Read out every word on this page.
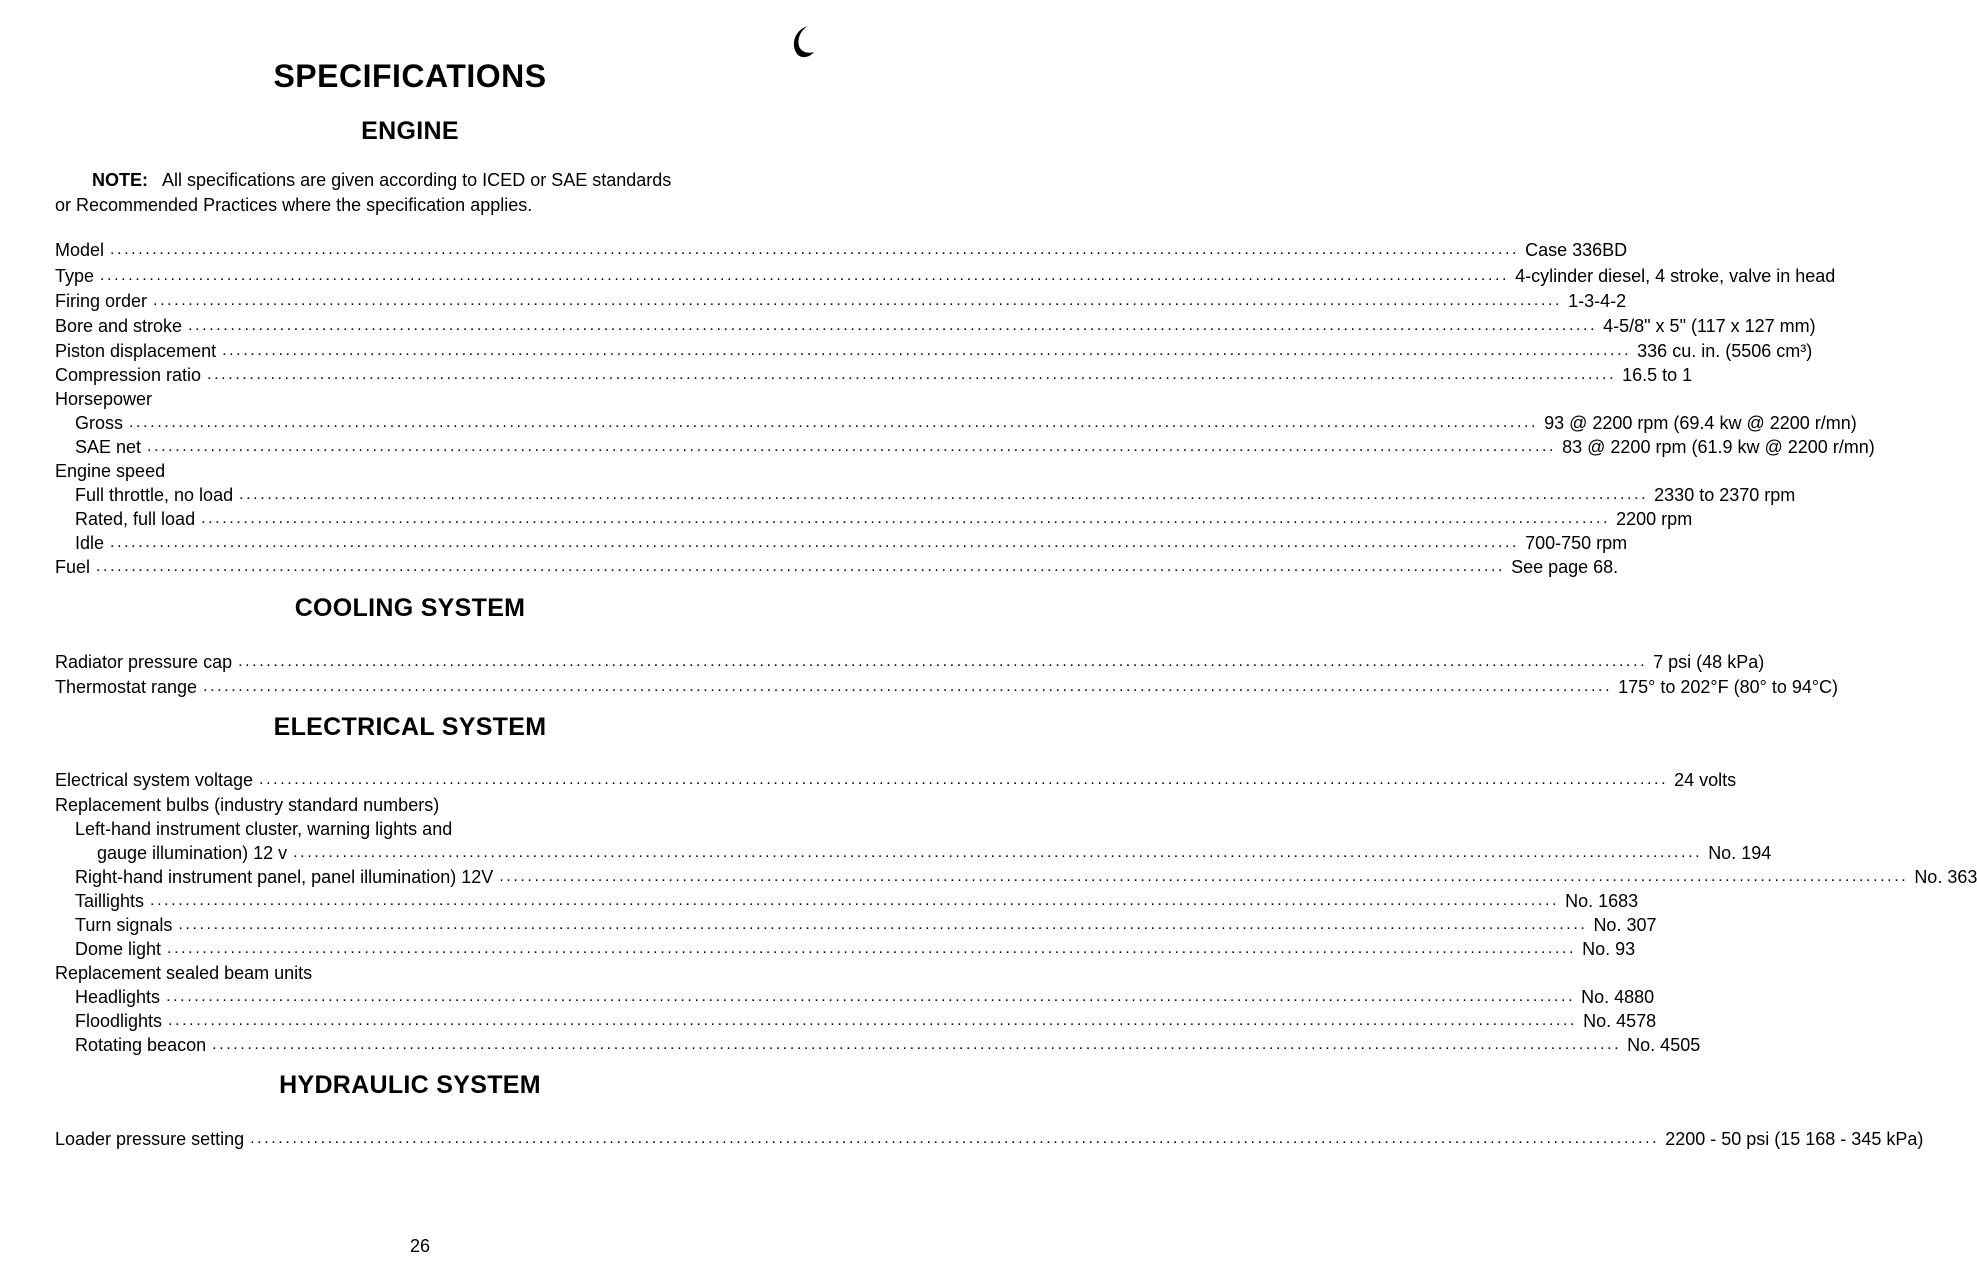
SPECIFICATIONS
ENGINE
NOTE: All specifications are given according to ICED or SAE standards
or Recommended Practices where the specification applies.
Model ........................................................................................................................................................................................................ Case 336BD
Type ........................................................................................................................................................................................................ 4-cylinder diesel, 4 stroke, valve in head
Firing order ........................................................................................................................................................................................................ 1-3-4-2
Bore and stroke ........................................................................................................................................................................................................ 4-5/8" x 5" (117 x 127 mm)
Piston displacement ........................................................................................................................................................................................................ 336 cu. in. (5506 cm³)
Compression ratio ........................................................................................................................................................................................................ 16.5 to 1
Horsepower
Gross ........................................................................................................................................................................................................ 93 @ 2200 rpm (69.4 kw @ 2200 r/mn)
SAE net ........................................................................................................................................................................................................ 83 @ 2200 rpm (61.9 kw @ 2200 r/mn)
Engine speed
Full throttle, no load ........................................................................................................................................................................................................ 2330 to 2370 rpm
Rated, full load ........................................................................................................................................................................................................ 2200 rpm
Idle ........................................................................................................................................................................................................ 700-750 rpm
Fuel ........................................................................................................................................................................................................ See page 68.
COOLING SYSTEM
Radiator pressure cap ........................................................................................................................................................................................................ 7 psi (48 kPa)
Thermostat range ........................................................................................................................................................................................................ 175° to 202°F (80° to 94°C)
ELECTRICAL SYSTEM
Electrical system voltage ........................................................................................................................................................................................................ 24 volts
Replacement bulbs (industry standard numbers)
Left-hand instrument cluster, warning lights and
gauge illumination) 12 v ........................................................................................................................................................................................................ No. 194
Right-hand instrument panel, panel illumination) 12V ........................................................................................................................................................................................................ No. 363
Taillights ........................................................................................................................................................................................................ No. 1683
Turn signals ........................................................................................................................................................................................................ No. 307
Dome light ........................................................................................................................................................................................................ No. 93
Replacement sealed beam units
Headlights ........................................................................................................................................................................................................ No. 4880
Floodlights ........................................................................................................................................................................................................ No. 4578
Rotating beacon ........................................................................................................................................................................................................ No. 4505
HYDRAULIC SYSTEM
Loader pressure setting ........................................................................................................................................................................................................ 2200 - 50 psi (15 168 - 345 kPa)
26
